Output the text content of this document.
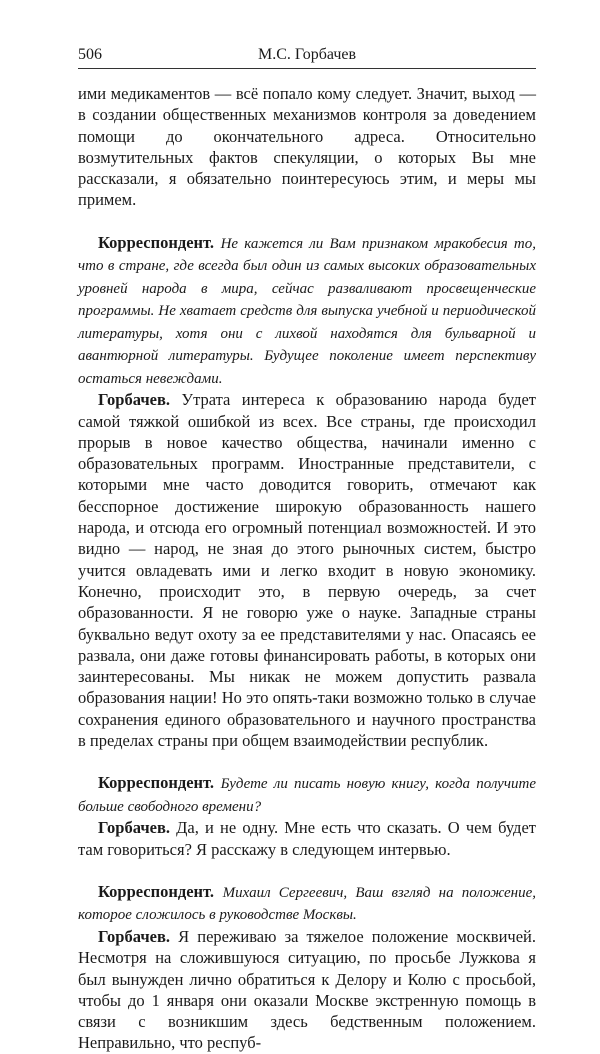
506	М.С. Горбачев

ими медикаментов — всё попало кому следует. Значит, выход — в создании общественных механизмов контроля за доведением помощи до окончательного адреса. Относительно возмутительных фактов спекуляции, о которых Вы мне рассказали, я обязательно поинтересуюсь этим, и меры мы примем.

Корреспондент. Не кажется ли Вам признаком мракобесия то, что в стране, где всегда был один из самых высоких образовательных уровней народа в мира, сейчас разваливают просвещенческие программы. Не хватает средств для выпуска учебной и периодической литературы, хотя они с лихвой находятся для бульварной и авантюрной литературы. Будущее поколение имеет перспективу остаться невеждами.

Горбачев. Утрата интереса к образованию народа будет самой тяжкой ошибкой из всех. Все страны, где происходил прорыв в новое качество общества, начинали именно с образовательных программ. Иностранные представители, с которыми мне часто доводится говорить, отмечают как бесспорное достижение широкую образованность нашего народа, и отсюда его огромный потенциал возможностей. И это видно — народ, не зная до этого рыночных систем, быстро учится овладевать ими и легко входит в новую экономику. Конечно, происходит это, в первую очередь, за счет образованности. Я не говорю уже о науке. Западные страны буквально ведут охоту за ее представителями у нас. Опасаясь ее развала, они даже готовы финансировать работы, в которых они заинтересованы. Мы никак не можем допустить развала образования нации! Но это опять-таки возможно только в случае сохранения единого образовательного и научного пространства в пределах страны при общем взаимодействии республик.

Корреспондент. Будете ли писать новую книгу, когда получите больше свободного времени?

Горбачев. Да, и не одну. Мне есть что сказать. О чем будет там говориться? Я расскажу в следующем интервью.

Корреспондент. Михаил Сергеевич, Ваш взгляд на положение, которое сложилось в руководстве Москвы.

Горбачев. Я переживаю за тяжелое положение москвичей. Несмотря на сложившуюся ситуацию, по просьбе Лужкова я был вынужден лично обратиться к Делору и Колю с просьбой, чтобы до 1 января они оказали Москве экстренную помощь в связи с возникшим здесь бедственным положением. Неправильно, что респуб-
